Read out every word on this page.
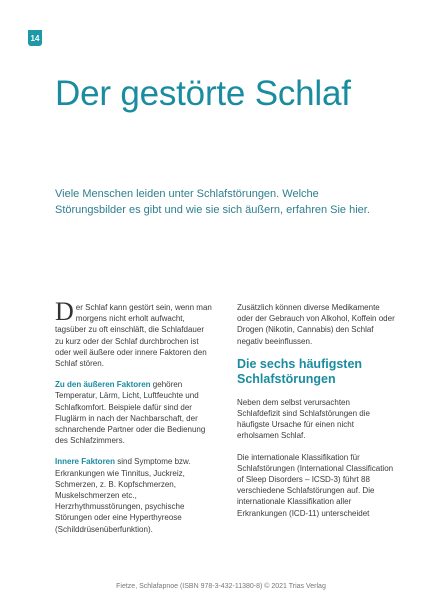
14
Der gestörte Schlaf

Viele Menschen leiden unter Schlafstörungen. Welche Störungsbilder es gibt und wie sie sich äußern, erfahren Sie hier.

Der Schlaf kann gestört sein, wenn man morgens nicht erholt aufwacht, tagsüber zu oft einschläft, die Schlafdauer zu kurz oder der Schlaf durchbrochen ist oder weil äußere oder innere Faktoren den Schlaf stören.

Zu den äußeren Faktoren gehören Temperatur, Lärm, Licht, Luftfeuchte und Schlafkomfort. Beispiele dafür sind der Fluglärm in nach der Nachbarschaft, der schnarchende Partner oder die Bedienung des Schlafzimmers.

Innere Faktoren sind Symptome bzw. Erkrankungen wie Tinnitus, Juckreiz, Schmerzen, z. B. Kopfschmerzen, Muskelschmerzen etc., Herzrhythmusstörungen, psychische Störungen oder eine Hyperthyreose (Schilddrüsenüberfunktion).

Zusätzlich können diverse Medikamente oder der Gebrauch von Alkohol, Koffein oder Drogen (Nikotin, Cannabis) den Schlaf negativ beeinflussen.

Die sechs häufigsten Schlafstörungen

Neben dem selbst verursachten Schlafdefizit sind Schlafstörungen die häufigste Ursache für einen nicht erholsamen Schlaf.

Die internationale Klassifikation für Schlafstörungen (International Classification of Sleep Disorders – ICSD-3) führt 88 verschiedene Schlafstörungen auf. Die internationale Klassifikation aller Erkrankungen (ICD-11) unterscheidet

Fietze, Schlafapnoe (ISBN 978-3-432-11380-8) © 2021 Trias Verlag
